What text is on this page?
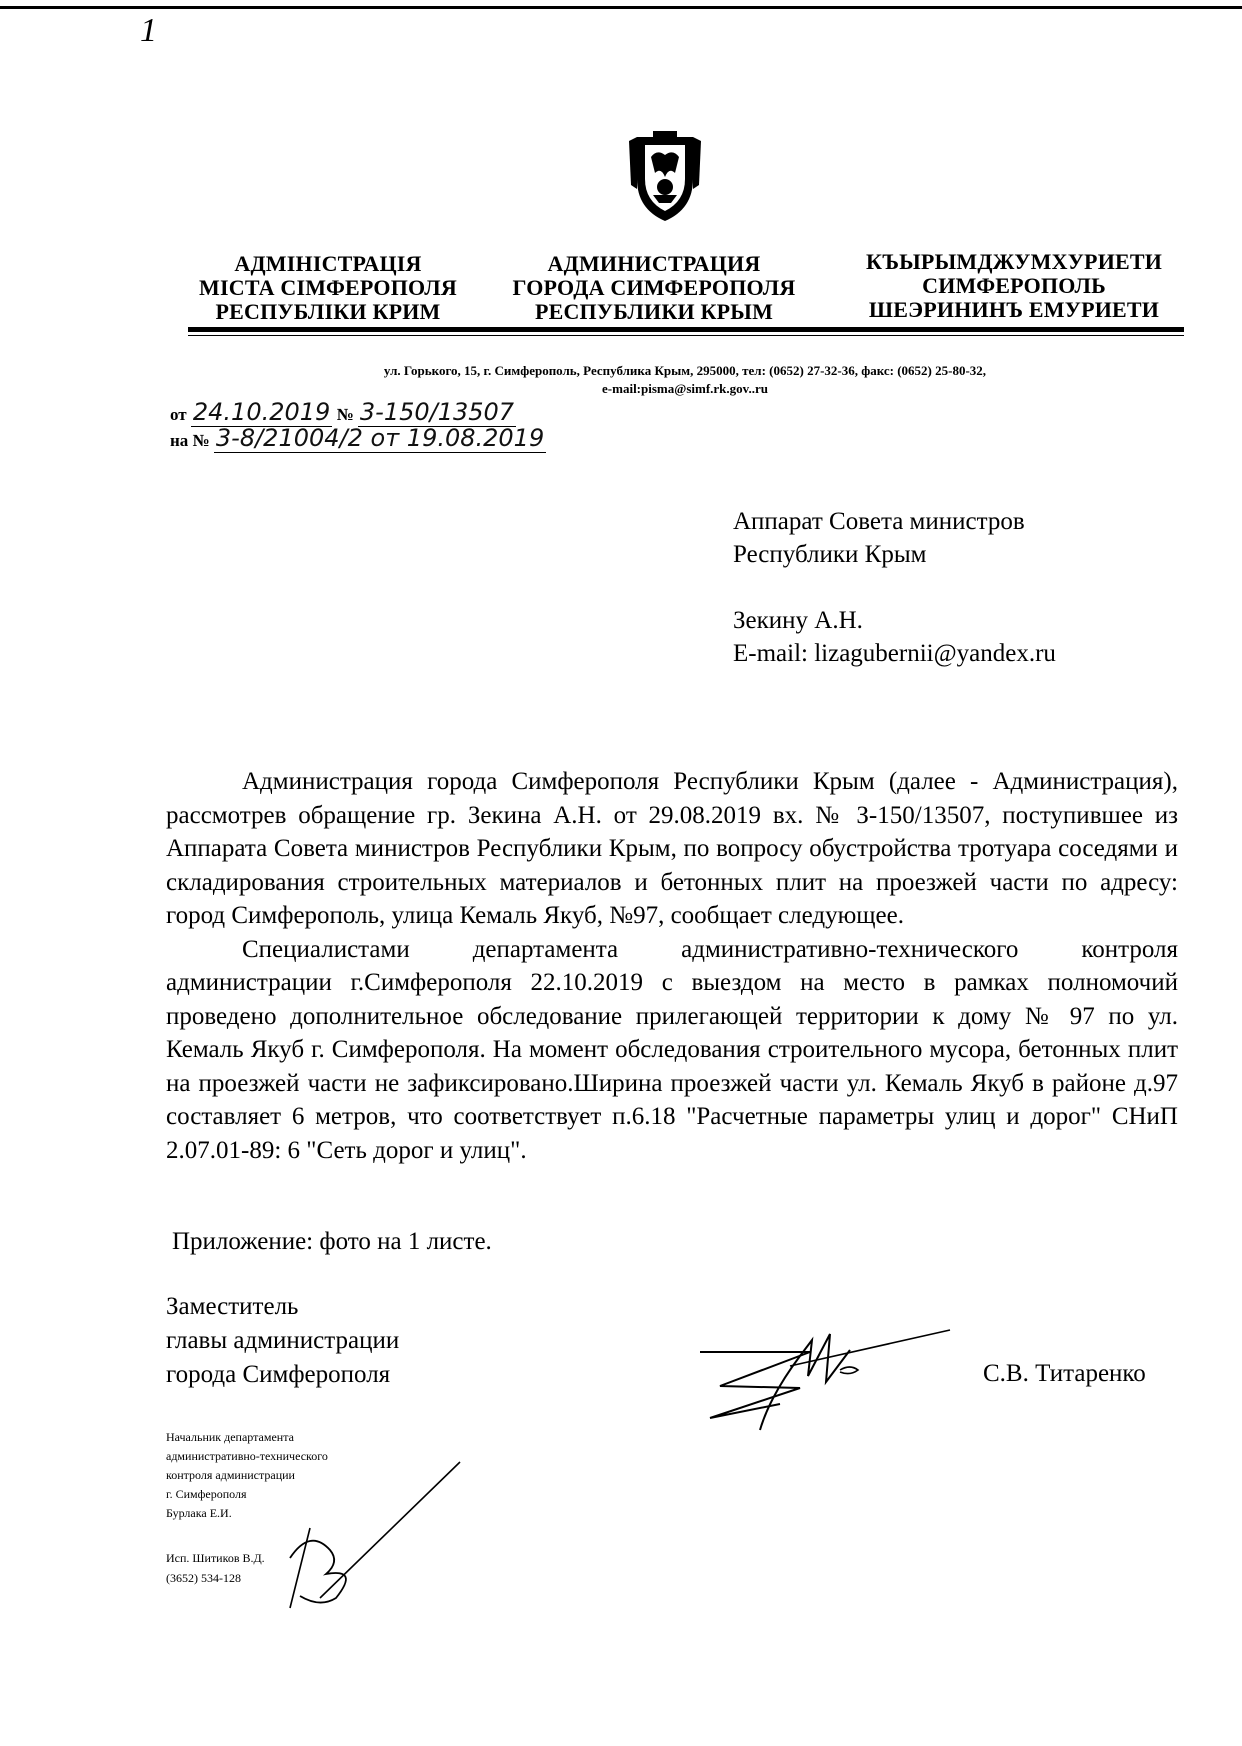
1
АДМІНІСТРАЦІЯ
МІСТА СІМФЕРОПОЛЯ
РЕСПУБЛІКИ КРИМ
АДМИНИСТРАЦИЯ
ГОРОДА СИМФЕРОПОЛЯ
РЕСПУБЛИКИ КРЫМ
КЪЫРЫМДЖУМХУРИЕТИ
СИМФЕРОПОЛЬ
ШЕЭРИНИНЪ ЕМУРИЕТИ
ул. Горького, 15, г. Симферополь, Республика Крым, 295000, тел: (0652) 27-32-36, факс: (0652) 25-80-32,
e-mail:pisma@simf.rk.gov..ru
от 24.10.2019 № 3-150/13507
на № 3-8/21004/2 от 19.08.2019
Аппарат Совета министров
Республики Крым
Зекину А.Н.
E-mail: lizagubernii@yandex.ru

Администрация города Симферополя Республики Крым (далее - Администрация), рассмотрев обращение гр. Зекина А.Н. от 29.08.2019 вх. № З-150/13507, поступившее из Аппарата Совета министров Республики Крым, по вопросу обустройства тротуара соседями и складирования строительных материалов и бетонных плит на проезжей части по адресу: город Симферополь, улица Кемаль Якуб, №97, сообщает следующее.

Специалистами департамента административно-технического контроля администрации г.Симферополя 22.10.2019 с выездом на место в рамках полномочий проведено дополнительное обследование прилегающей территории к дому № 97 по ул. Кемаль Якуб г. Симферополя. На момент обследования строительного мусора, бетонных плит на проезжей части не зафиксировано.Ширина проезжей части ул. Кемаль Якуб в районе д.97 составляет 6 метров, что соответствует п.6.18 "Расчетные параметры улиц и дорог" СНиП 2.07.01-89: 6 "Сеть дорог и улиц".

Приложение: фото на 1 листе.
Заместитель
главы администрации
города Симферополя	С.В. Титаренко
Начальник департамента
административно-технического
контроля администрации
г. Симферополя
Бурлака Е.И.
Исп. Шитиков В.Д.
(3652) 534-128
